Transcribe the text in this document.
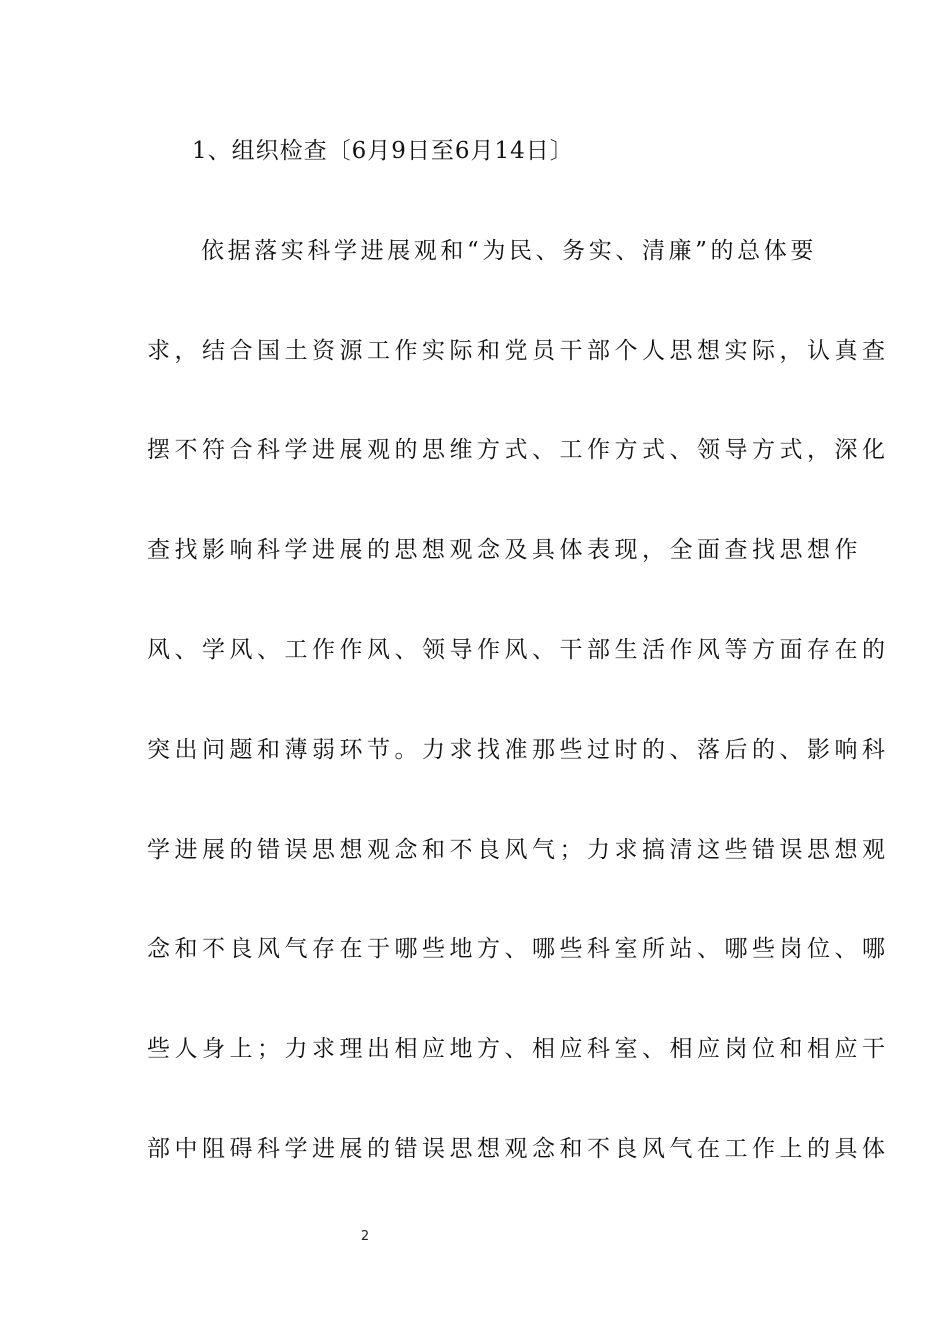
1、组织检查〔6月9日至6月14日〕
依据落实科学进展观和“为民、务实、清廉”的总体要
求，结合国土资源工作实际和党员干部个人思想实际，认真查
摆不符合科学进展观的思维方式、工作方式、领导方式，深化
查找影响科学进展的思想观念及具体表现，全面查找思想作
风、学风、工作作风、领导作风、干部生活作风等方面存在的
突出问题和薄弱环节。力求找准那些过时的、落后的、影响科
学进展的错误思想观念和不良风气；力求搞清这些错误思想观
念和不良风气存在于哪些地方、哪些科室所站、哪些岗位、哪
些人身上；力求理出相应地方、相应科室、相应岗位和相应干
部中阻碍科学进展的错误思想观念和不良风气在工作上的具体
2
